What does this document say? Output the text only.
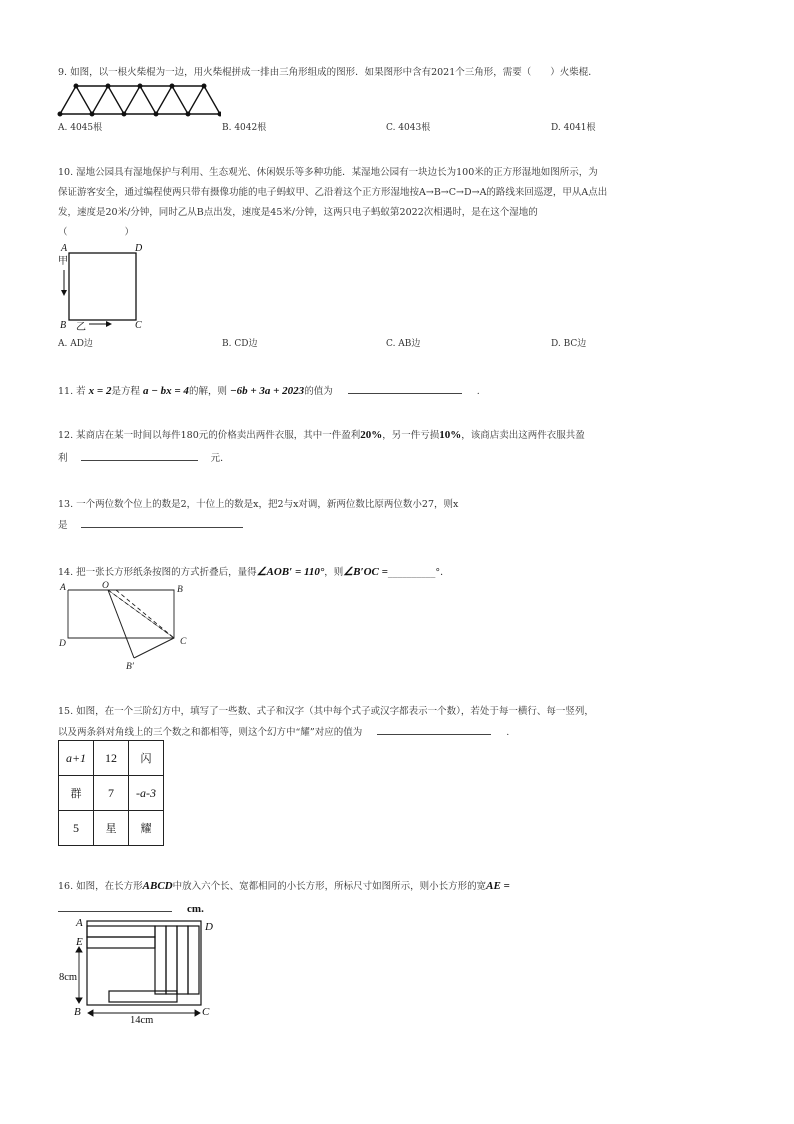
9. 如图，以一根火柴棍为一边，用火柴棍拼成一排由三角形组成的图形．如果图形中含有2021个三角形，需要（　　）火柴棍．
A. 4045根	B. 4042根	C. 4043根	D. 4041根
10. 湿地公园具有湿地保护与利用、生态观光、休闲娱乐等多种功能．某湿地公园有一块边长为100米的正方形湿地如图所示，为
保证游客安全，通过编程使两只带有摄像功能的电子蚂蚁甲、乙沿着这个正方形湿地按A→B→C→D→A的路线来回巡逻，甲从A点出
发，速度是20米/分钟，同时乙从B点出发，速度是45米/分钟，这两只电子蚂蚁第2022次相遇时，是在这个湿地的
（　　　　　　）
A	D
B	C
甲
乙
A. AD边	B. CD边	C. AB边	D. BC边
11. 若 x = 2是方程 a − bx = 4的解，则 −6b + 3a + 2023的值为	.
12. 某商店在某一时间以每件180元的价格卖出两件衣服，其中一件盈利20%，另一件亏损10%，该商店卖出这两件衣服共盈
利	元．
13. 一个两位数个位上的数是2，十位上的数是x，把2与x对调，新两位数比原两位数小27，则x
是
14. 把一张长方形纸条按图的方式折叠后，量得∠AOB′ = 110°，则∠B′OC =__________°．
A	O	B
D	C
B′
15. 如图，在一个三阶幻方中，填写了一些数、式子和汉字（其中每个式子或汉字都表示一个数），若处于每一横行、每一竖列，
以及两条斜对角线上的三个数之和都相等，则这个幻方中“耀”对应的值为	.
a+1	12	闪
群	7	-a-3
5	星	耀
16. 如图，在长方形ABCD中放入六个长、宽都相同的小长方形，所标尺寸如图所示，则小长方形的宽AE =
cm.
A
E
D
B	C
8cm
14cm
